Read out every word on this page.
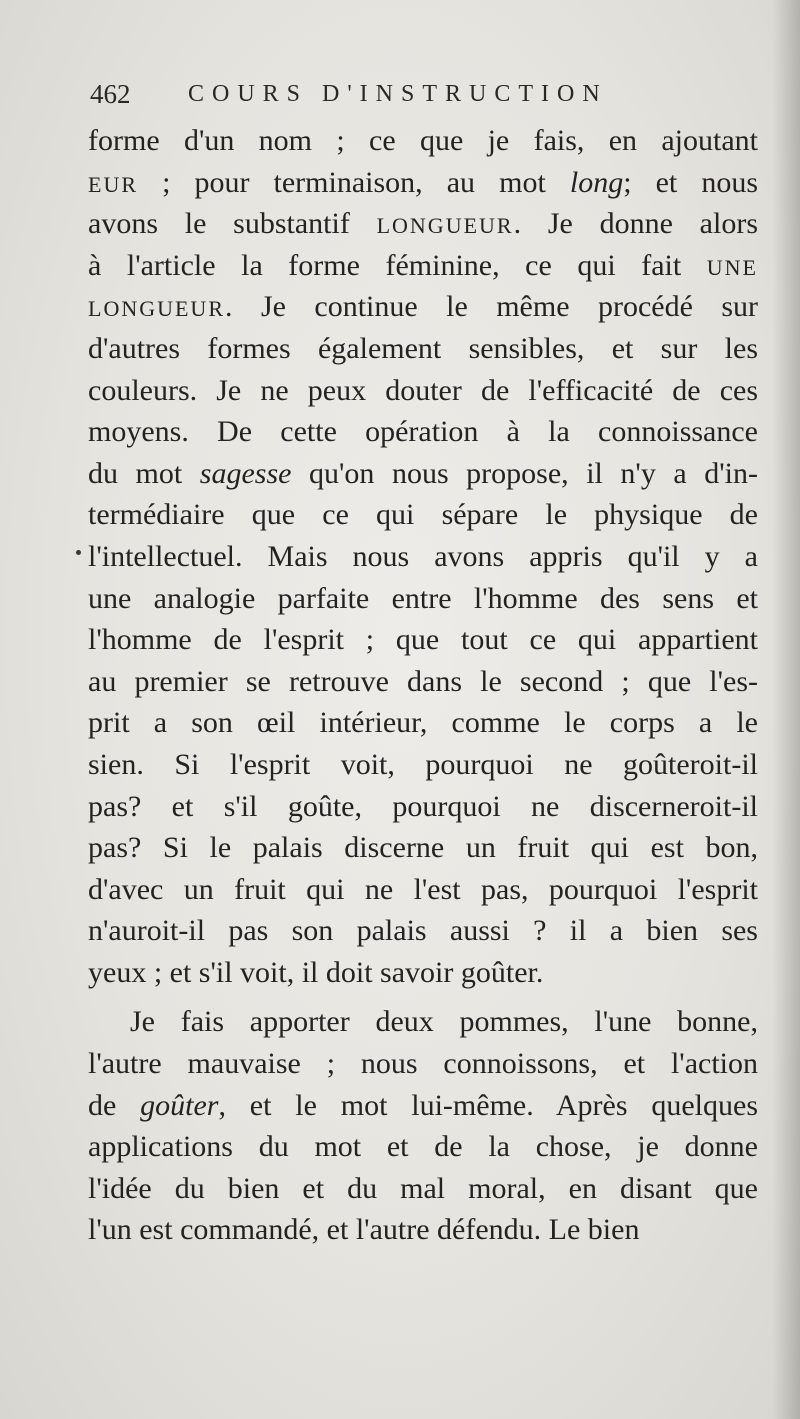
462 COURS D'INSTRUCTION
forme d'un nom ; ce que je fais, en ajoutant
EUR ; pour terminaison, au mot long; et nous
avons le substantif LONGUEUR. Je donne alors
à l'article la forme féminine, ce qui fait UNE
LONGUEUR. Je continue le même procédé sur
d'autres formes également sensibles, et sur les
couleurs. Je ne peux douter de l'efficacité de ces
moyens. De cette opération à la connoissance
du mot sagesse qu'on nous propose, il n'y a d'in-
termédiaire que ce qui sépare le physique de
l'intellectuel. Mais nous avons appris qu'il y a
une analogie parfaite entre l'homme des sens et
l'homme de l'esprit ; que tout ce qui appartient
au premier se retrouve dans le second ; que l'es-
prit a son œil intérieur, comme le corps a le
sien. Si l'esprit voit, pourquoi ne goûteroit-il
pas? et s'il goûte, pourquoi ne discerneroit-il
pas? Si le palais discerne un fruit qui est bon,
d'avec un fruit qui ne l'est pas, pourquoi l'esprit
n'auroit-il pas son palais aussi ? il a bien ses
yeux ; et s'il voit, il doit savoir goûter.
Je fais apporter deux pommes, l'une bonne,
l'autre mauvaise ; nous connoissons, et l'action
de goûter, et le mot lui-même. Après quelques
applications du mot et de la chose, je donne
l'idée du bien et du mal moral, en disant que
l'un est commandé, et l'autre défendu. Le bien
